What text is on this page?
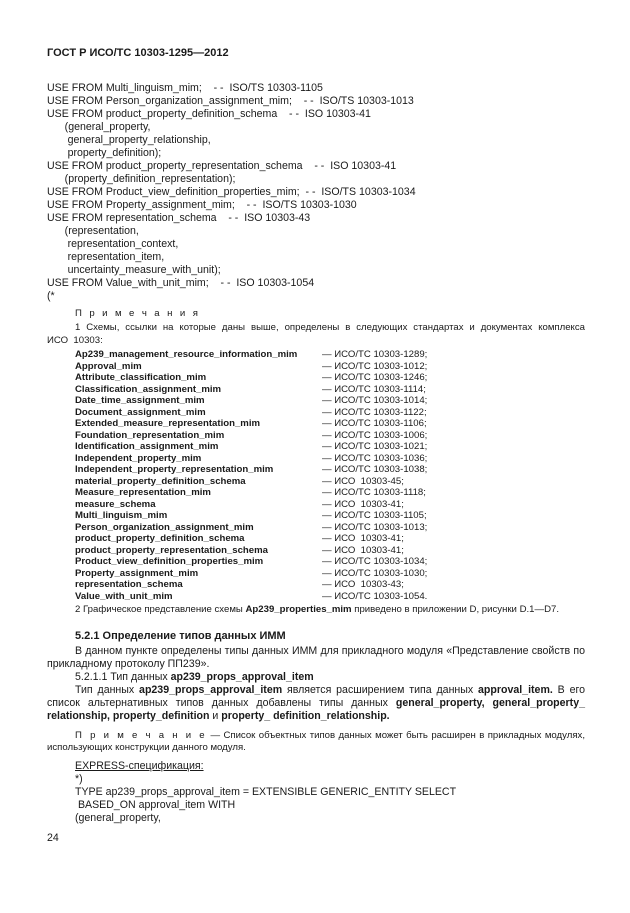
ГОСТ Р ИСО/ТС 10303-1295—2012
USE FROM Multi_linguism_mim;    - -  ISO/TS 10303-1105
USE FROM Person_organization_assignment_mim;    - -  ISO/TS 10303-1013
USE FROM product_property_definition_schema    - -  ISO 10303-41
(general_property,
general_property_relationship,
property_definition);
USE FROM product_property_representation_schema    - -  ISO 10303-41
(property_definition_representation);
USE FROM Product_view_definition_properties_mim;  - -  ISO/TS 10303-1034
USE FROM Property_assignment_mim;    - -  ISO/TS 10303-1030
USE FROM representation_schema    - -  ISO 10303-43
(representation,
representation_context,
representation_item,
uncertainty_measure_with_unit);
USE FROM Value_with_unit_mim;    - -  ISO 10303-1054
(*
П р и м е ч а н и я
1 Схемы, ссылки на которые даны выше, определены в следующих стандартах и документах комплекса
ИСО  10303:
Ap239_management_resource_information_mim	— ИСО/ТС 10303-1289;
Approval_mim	— ИСО/ТС 10303-1012;
Attribute_classification_mim	— ИСО/ТС 10303-1246;
Classification_assignment_mim	— ИСО/ТС 10303-1114;
Date_time_assignment_mim	— ИСО/ТС 10303-1014;
Document_assignment_mim	— ИСО/ТС 10303-1122;
Extended_measure_representation_mim	— ИСО/ТС 10303-1106;
Foundation_representation_mim	— ИСО/ТС 10303-1006;
Identification_assignment_mim	— ИСО/ТС 10303-1021;
Independent_property_mim	— ИСО/ТС 10303-1036;
Independent_property_representation_mim	— ИСО/ТС 10303-1038;
material_property_definition_schema	— ИСО  10303-45;
Measure_representation_mim	— ИСО/ТС 10303-1118;
measure_schema	— ИСО  10303-41;
Multi_linguism_mim	— ИСО/ТС 10303-1105;
Person_organization_assignment_mim	— ИСО/ТС 10303-1013;
product_property_definition_schema	— ИСО  10303-41;
product_property_representation_schema	— ИСО  10303-41;
Product_view_definition_properties_mim	— ИСО/ТС 10303-1034;
Property_assignment_mim	— ИСО/ТС 10303-1030;
representation_schema	— ИСО  10303-43;
Value_with_unit_mim	— ИСО/ТС 10303-1054.
2 Графическое представление схемы Ap239_properties_mim приведено в приложении D, рисунки D.1—D7.
5.2.1 Определение типов данных ИММ
В данном пункте определены типы данных ИММ для прикладного модуля «Представление свойств по
прикладному протоколу ПП239».
5.2.1.1 Тип данных ap239_props_approval_item
Тип данных ap239_props_approval_item является расширением типа данных approval_item. В его
список альтернативных типов данных добавлены типы данных general_property, general_property_
relationship, property_definition и property_ definition_relationship.
П р и м е ч а н и е — Список объектных типов данных может быть расширен в прикладных модулях,
использующих конструкции данного модуля.
EXPRESS-спецификация:
*)
TYPE ap239_props_approval_item = EXTENSIBLE GENERIC_ENTITY SELECT
BASED_ON approval_item WITH
(general_property,
24
